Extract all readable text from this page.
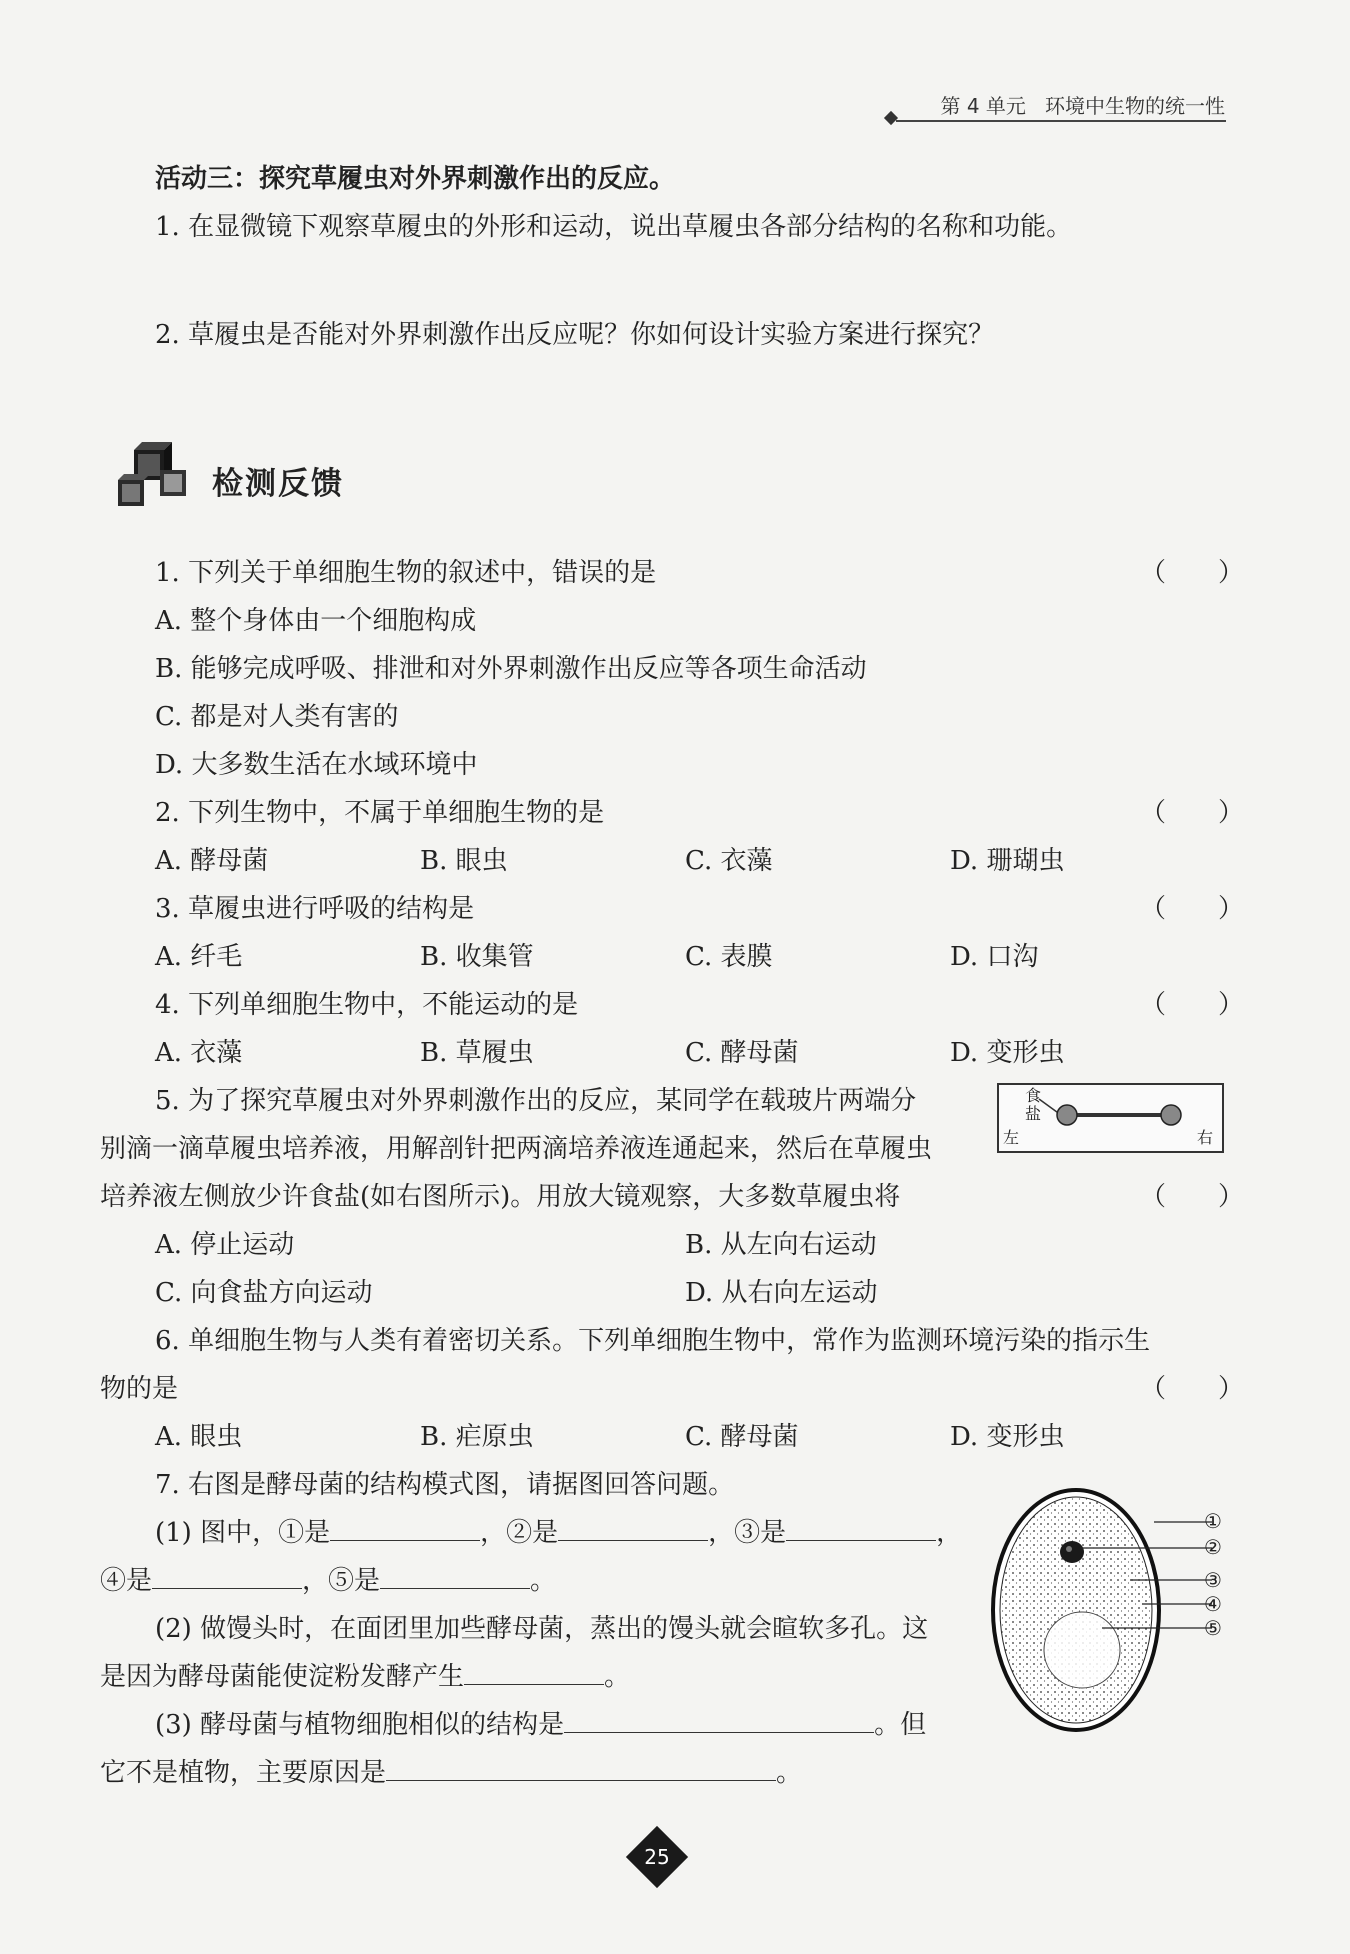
第 4 单元 环境中生物的统一性
活动三：探究草履虫对外界刺激作出的反应。
1. 在显微镜下观察草履虫的外形和运动，说出草履虫各部分结构的名称和功能。
2. 草履虫是否能对外界刺激作出反应呢？你如何设计实验方案进行探究？
检测反馈
1. 下列关于单细胞生物的叙述中，错误的是	（　　）
A. 整个身体由一个细胞构成
B. 能够完成呼吸、排泄和对外界刺激作出反应等各项生命活动
C. 都是对人类有害的
D. 大多数生活在水域环境中
2. 下列生物中，不属于单细胞生物的是	（　　）
A. 酵母菌	B. 眼虫	C. 衣藻	D. 珊瑚虫
3. 草履虫进行呼吸的结构是	（　　）
A. 纤毛	B. 收集管	C. 表膜	D. 口沟
4. 下列单细胞生物中，不能运动的是	（　　）
A. 衣藻	B. 草履虫	C. 酵母菌	D. 变形虫
5. 为了探究草履虫对外界刺激作出的反应，某同学在载玻片两端分
别滴一滴草履虫培养液，用解剖针把两滴培养液连通起来，然后在草履虫
培养液左侧放少许食盐(如右图所示)。用放大镜观察，大多数草履虫将	（　　）
食
盐
左	右
A. 停止运动	B. 从左向右运动
C. 向食盐方向运动	D. 从右向左运动
6. 单细胞生物与人类有着密切关系。下列单细胞生物中，常作为监测环境污染的指示生
物的是	（　　）
A. 眼虫	B. 疟原虫	C. 酵母菌	D. 变形虫
7. 右图是酵母菌的结构模式图，请据图回答问题。
(1) 图中，①是	，②是	，③是	，
④是	，⑤是	。
(2) 做馒头时，在面团里加些酵母菌，蒸出的馒头就会暄软多孔。这
是因为酵母菌能使淀粉发酵产生	。
(3) 酵母菌与植物细胞相似的结构是	。但
它不是植物，主要原因是	。
①
②
③
④
⑤
25
